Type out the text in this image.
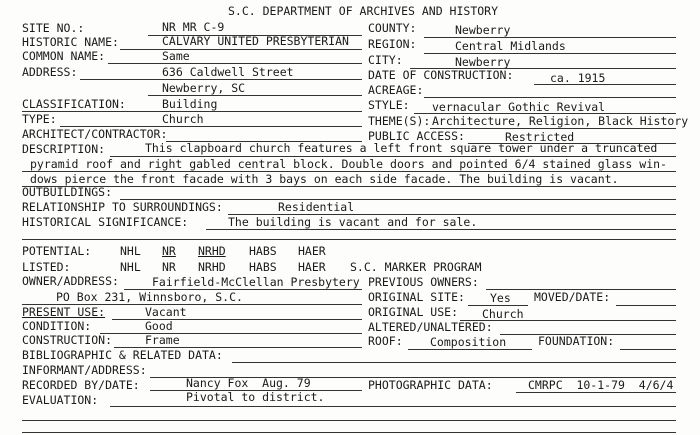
S.C. DEPARTMENT OF ARCHIVES AND HISTORY
SITE NO.:	NR MR C-9
HISTORIC NAME:	CALVARY UNITED PRESBYTERIAN
COMMON NAME:	Same
ADDRESS:	636 Caldwell Street
Newberry, SC
CLASSIFICATION:	Building
TYPE:	Church
ARCHITECT/CONTRACTOR:
COUNTY:	Newberry
REGION:	Central Midlands
CITY:	Newberry
DATE OF CONSTRUCTION:	ca. 1915
ACREAGE:
STYLE: vernacular Gothic Revival
THEME(S): Architecture, Religion, Black History
PUBLIC ACCESS:	Restricted
DESCRIPTION:	This clapboard church features a left front square tower under a truncated
pyramid roof and right gabled central block. Double doors and pointed 6/4 stained glass win-
dows pierce the front facade with 3 bays on each side facade. The building is vacant.
OUTBUILDINGS:
RELATIONSHIP TO SURROUNDINGS:	Residential
HISTORICAL SIGNIFICANCE:	The building is vacant and for sale.
POTENTIAL:	NHL NR NRHD HABS HAER
LISTED:	NHL NR NRHD HABS HAER S.C. MARKER PROGRAM
OWNER/ADDRESS:	Fairfield-McClellan Presbytery
PO Box 231, Winnsboro, S.C.
PREVIOUS OWNERS:
ORIGINAL SITE: Yes MOVED/DATE:
PRESENT USE:	Vacant	ORIGINAL USE: Church
CONDITION:	Good	ALTERED/UNALTERED:
CONSTRUCTION:	Frame	ROOF: Composition	FOUNDATION:
BIBLIOGRAPHIC & RELATED DATA:
INFORMANT/ADDRESS:
RECORDED BY/DATE:	Nancy Fox  Aug. 79	PHOTOGRAPHIC DATA:	CMRPC  10-1-79  4/6/4
EVALUATION:	Pivotal to district.
